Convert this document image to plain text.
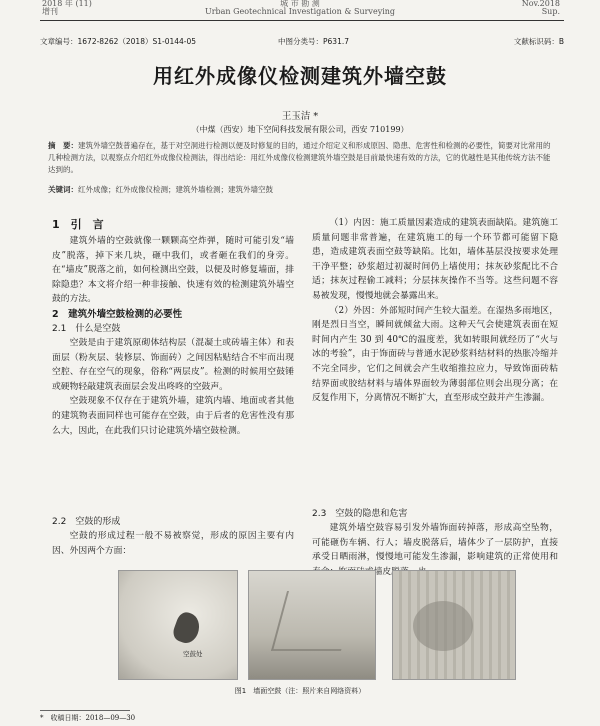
2018 年 (11)
增刊
城 市 勘 测
Urban Geotechnical Investigation & Surveying
Nov.2018
Sup.
文章编号：1672-8262（2018）S1-0144-05	中图分类号：P631.7	文献标识码：B
用红外成像仪检测建筑外墙空鼓
王玉洁 *
（中煤（西安）地下空间科技发展有限公司，西安 710199）
摘　要：建筑外墙空鼓普遍存在，基于对空洞进行检测以便及时修复的目的，通过介绍定义和形成原因、隐患、危害性和检测的必要性，简要对比常用的几种检测方法，以观察点介绍红外成像仪检测法，得出结论：用红外成像仪检测建筑外墙空鼓是目前最快速有效的方法，它的优越性是其他传统方法不能达到的。
关键词：红外成像；红外成像仪检测；建筑外墙检测；建筑外墙空鼓
1　引　言

建筑外墙的空鼓就像一颗颗高空炸弹，随时可能引发“墙皮”脱落，掉下来几块，砸中我们，或者砸在我们的身旁。在“墙皮”脱落之前，如何检测出空鼓，以便及时修复墙面，排除隐患？本文将介绍一种非接触、快速有效的检测建筑外墙空鼓的方法。

2　建筑外墙空鼓检测的必要性
2.1　什么是空鼓

空鼓是由于建筑原砌体结构层（混凝土或砖墙主体）和表面层（粉灰层、装修层、饰面砖）之间因粘贴结合不牢而出现空腔、存在空气的现象，俗称“两层皮”。检测的时候用空鼓锤或硬物轻敲建筑表面层会发出咚咚的空鼓声。

空鼓现象不仅存在于建筑外墙，建筑内墙、地面或者其他的建筑物表面同样也可能存在空鼓，由于后者的危害性没有那么大，因此，在此我们只讨论建筑外墙空鼓检测。

2.2　空鼓的形成

空鼓的形成过程一般不易被察觉，形成的原因主要有内因、外因两个方面：

（1）内因：施工质量因素造成的建筑表面缺陷。建筑施工质量问题非常普遍，在建筑施工的每一个环节都可能留下隐患，造成建筑表面空鼓等缺陷。比如，墙体基层没按要求处理干净平整；砂浆超过初凝时间仍上墙使用；抹灰砂浆配比不合适；抹灰过程偷工减料；分层抹灰操作不当等。这些问题不容易被发现，慢慢地就会暴露出来。

（2）外因：外部短时间产生较大温差。在湿热多雨地区，刚是烈日当空，瞬间就倾盆大雨。这种天气会使建筑表面在短时间内产生 30 到 40℃的温度差，犹如转眼间就经历了“火与冰的考验”，由于饰面砖与普通水泥砂浆料结材料的热胀冷缩并不完全同步，它们之间就会产生收缩推拉应力，导致饰面砖粘结界面或胶结材料与墙体界面较为薄弱部位则会出现分离；在反复作用下，分离情况不断扩大，直至形成空鼓并产生渗漏。

2.3　空鼓的隐患和危害

建筑外墙空鼓容易引发外墙饰面砖掉落，形成高空坠物，可能砸伤车辆、行人；墙皮脱落后，墙体少了一层防护，直接承受日晒雨淋，慢慢地可能发生渗漏，影响建筑的正常使用和 墙皮脱

空鼓处
图1　墙面空鼓（注：照片来自网络资料）
*　收稿日期：2018—09—30
